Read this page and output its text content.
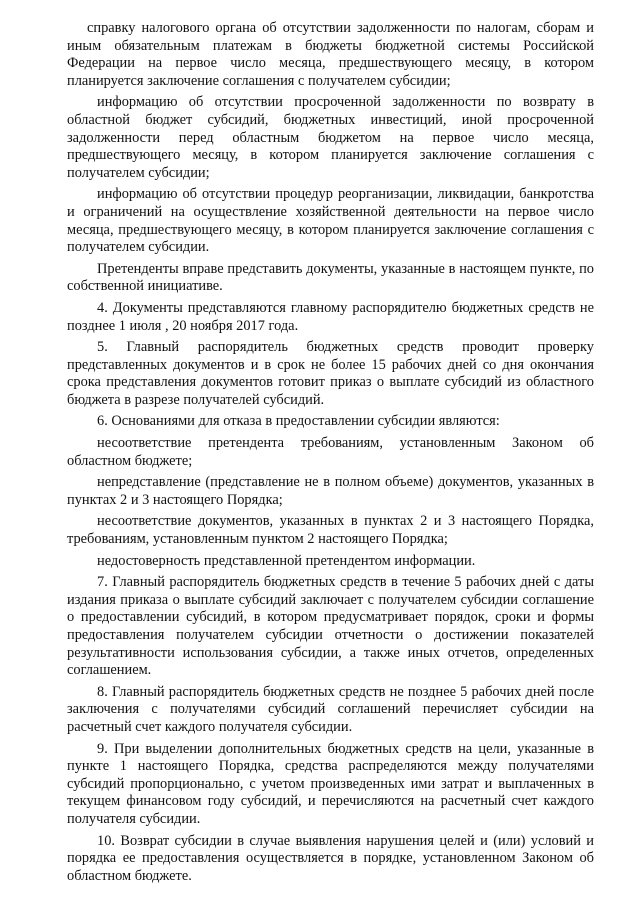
справку налогового органа об отсутствии задолженности по налогам, сборам и иным обязательным платежам в бюджеты бюджетной системы Российской Федерации на первое число месяца, предшествующего месяцу, в котором планируется заключение соглашения с получателем субсидии;

информацию об отсутствии просроченной задолженности по возврату в областной бюджет субсидий, бюджетных инвестиций, иной просроченной задолженности перед областным бюджетом на первое число месяца, предшествующего месяцу, в котором планируется заключение соглашения с получателем субсидии;

информацию об отсутствии процедур реорганизации, ликвидации, банкротства и ограничений на осуществление хозяйственной деятельности на первое число месяца, предшествующего месяцу, в котором планируется заключение соглашения с получателем субсидии.

Претенденты вправе представить документы, указанные в настоящем пункте, по собственной инициативе.

4. Документы представляются главному распорядителю бюджетных средств не позднее 1 июля , 20 ноября 2017 года.

5. Главный распорядитель бюджетных средств проводит проверку представленных документов и в срок не более 15 рабочих дней со дня окончания срока представления документов готовит приказ о выплате субсидий из областного бюджета в разрезе получателей субсидий.

6. Основаниями для отказа в предоставлении субсидии являются:

несоответствие претендента требованиям, установленным Законом об областном бюджете;

непредставление (представление не в полном объеме) документов, указанных в пунктах 2 и 3 настоящего Порядка;

несоответствие документов, указанных в пунктах 2 и 3 настоящего Порядка, требованиям, установленным пунктом 2 настоящего Порядка;

недостоверность представленной претендентом информации.

7. Главный распорядитель бюджетных средств в течение 5 рабочих дней с даты издания приказа о выплате субсидий заключает с получателем субсидии соглашение о предоставлении субсидий, в котором предусматривает порядок, сроки и формы предоставления получателем субсидии отчетности о достижении показателей результативности использования субсидии, а также иных отчетов, определенных соглашением.

8. Главный распорядитель бюджетных средств не позднее 5 рабочих дней после заключения с получателями субсидий соглашений перечисляет субсидии на расчетный счет каждого получателя субсидии.

9. При выделении дополнительных бюджетных средств на цели, указанные в пункте 1 настоящего Порядка, средства распределяются между получателями субсидий пропорционально, с учетом произведенных ими затрат и выплаченных в текущем финансовом году субсидий, и перечисляются на расчетный счет каждого получателя субсидии.

10. Возврат субсидии в случае выявления нарушения целей и (или) условий и порядка ее предоставления осуществляется в порядке, установленном Законом об областном бюджете.
